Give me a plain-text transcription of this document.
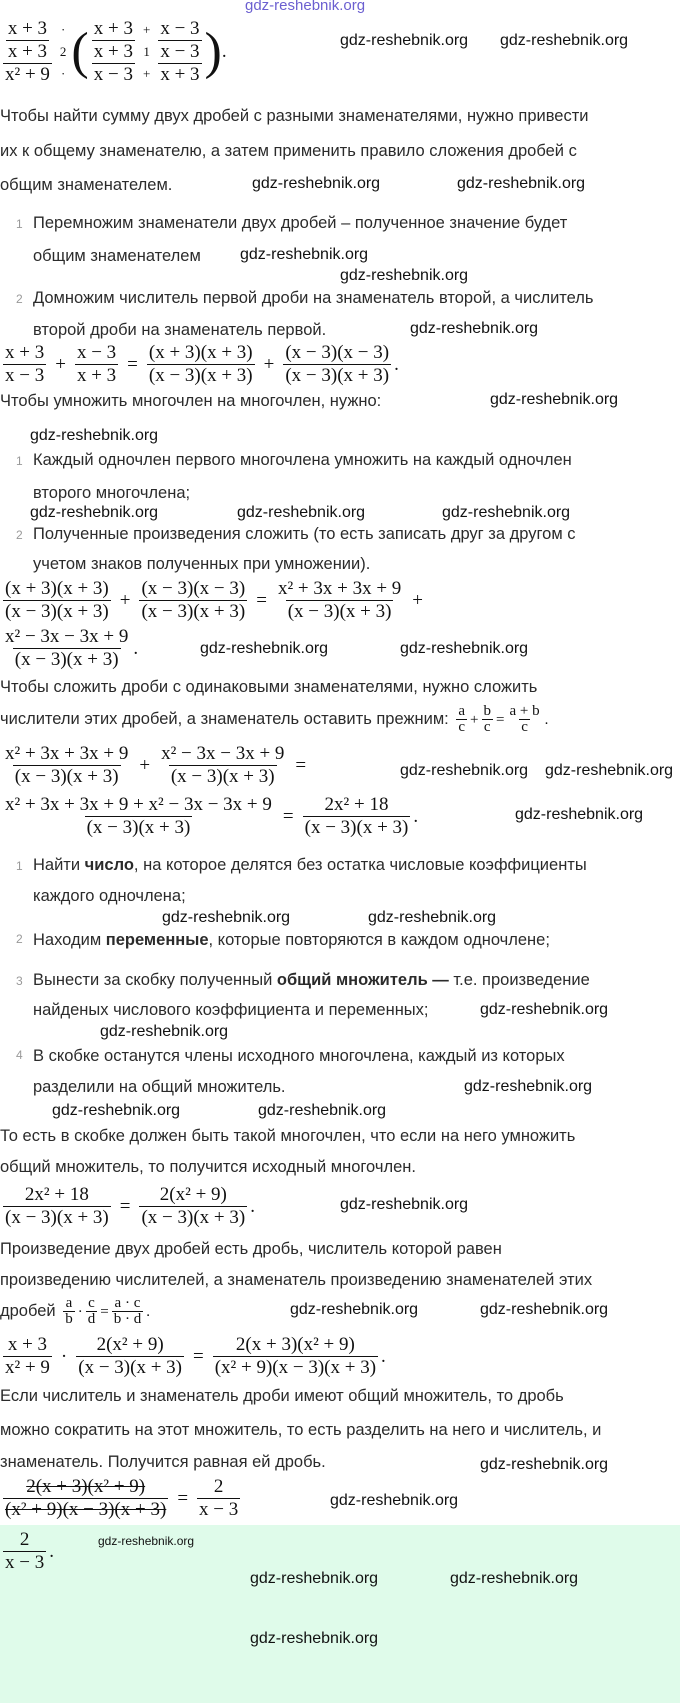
x + 3
x + 3
x² + 9
·
2
· ( x + 3
x + 3
x − 3
+
1
+
x − 3
x − 3
x + 3 ) .
Чтобы найти сумму двух дробей с разными знаменателями, нужно привести
их к общему знаменателю, а затем применить правило сложения дробей с
общим знаменателем.
1 Перемножим знаменатели двух дробей – полученное значение будет
общим знаменателем
2 Домножим числитель первой дроби на знаменатель второй, а числитель
второй дроби на знаменатель первой.
$\frac{x + 3}{x - 3} + \frac{x - 3}{x + 3} = \frac{(x + 3)(x + 3)}{(x - 3)(x + 3)} + \frac{(x - 3)(x - 3)}{(x - 3)(x + 3)}$ .
Чтобы умножить многочлен на многочлен, нужно:
1 Каждый одночлен первого многочлена умножить на каждый одночлен
второго многочлена;
2 Полученные произведения сложить (то есть записать друг за другом с
учетом знаков полученных при умножении).
$\frac{(x + 3)(x + 3)}{(x - 3)(x + 3)} + \frac{(x - 3)(x - 3)}{(x - 3)(x + 3)} = \frac{\text{x² + 3x + 3x + 9}}{(x - 3)(x + 3)}$ +
$\frac{\text{x² − 3x − 3x + 9}}{(x - 3)(x + 3)}$ .
Чтобы сложить дроби с одинаковыми знаменателями, нужно сложить
числители этих дробей, а знаменатель оставить прежним: $\frac{a}{c} + \frac{b}{c} = \frac{a + b}{c}$ .
$\frac{\text{x² + 3x + 3x + 9}}{(x - 3)(x + 3)} + \frac{\text{x² − 3x − 3x + 9}}{(x - 3)(x + 3)}$ =
$\frac{\text{x² + 3x + 3x + 9 + x² − 3x − 3x + 9}}{(x - 3)(x + 3)} = \frac{\text{2x² + 18}}{(x - 3)(x + 3)}$ .
1 Найти число, на которое делятся без остатка числовые коэффициенты
каждого одночлена;
2 Находим переменные, которые повторяются в каждом одночлене;
3 Вынести за скобку полученный общий множитель — т.е. произведение
найденых числового коэффициента и переменных;
4 В скобке останутся члены исходного многочлена, каждый из которых
разделили на общий множитель.
То есть в скобке должен быть такой многочлен, что если на него умножить
общий множитель, то получится исходный многочлен.
$\frac{\text{2x² + 18}}{(x - 3)(x + 3)} = \frac{\text{2(x² + 9)}}{(x - 3)(x + 3)}$ .
Произведение двух дробей есть дробь, числитель которой равен
произведению числителей, а знаменатель произведению знаменателей этих
дробей $\frac{a}{b} \cdot \frac{c}{d} = \frac{a \cdot c}{b \cdot d}$ .
$\frac{x + 3}{\text{x² + 9}} \cdot \frac{\text{2(x² + 9)}}{(x - 3)(x + 3)} = \frac{\text{2(x + 3)(x² + 9)}}{\text{(x² + 9)(x − 3)(x + 3)}}$ .
Если числитель и знаменатель дроби имеют общий множитель, то дробь
можно сократить на этот множитель, то есть разделить на него и числитель, и
знаменатель. Получится равная ей дробь.
$\frac{2}{x - 3}$ .
$\frac{\text{2(x + 3)(x² + 9)}}{\text{(x² + 9)(x − 3)(x + 3)}} = \frac{2}{x - 3}$
gdz-reshebnik.org
gdz-reshebnik.org gdz-reshebnik.org
gdz-reshebnik.org	gdz-reshebnik.org
gdz-reshebnik.org
gdz-reshebnik.org
gdz-reshebnik.org
gdz-reshebnik.org
gdz-reshebnik.org
gdz-reshebnik.org	gdz-reshebnik.org
gdz-reshebnik.org
gdz-reshebnik.org	gdz-reshebnik.org
gdz-reshebnik.org gdz-reshebnik.org
gdz-reshebnik.org
gdz-reshebnik.org	gdz-reshebnik.org
gdz-reshebnik.org
gdz-reshebnik.org
gdz-reshebnik.org
gdz-reshebnik.org	gdz-reshebnik.org
gdz-reshebnik.org
gdz-reshebnik.org	gdz-reshebnik.org
gdz-reshebnik.org
gdz-reshebnik.org
gdz-reshebnik.org
gdz-reshebnik.org	gdz-reshebnik.org
gdz-reshebnik.org
